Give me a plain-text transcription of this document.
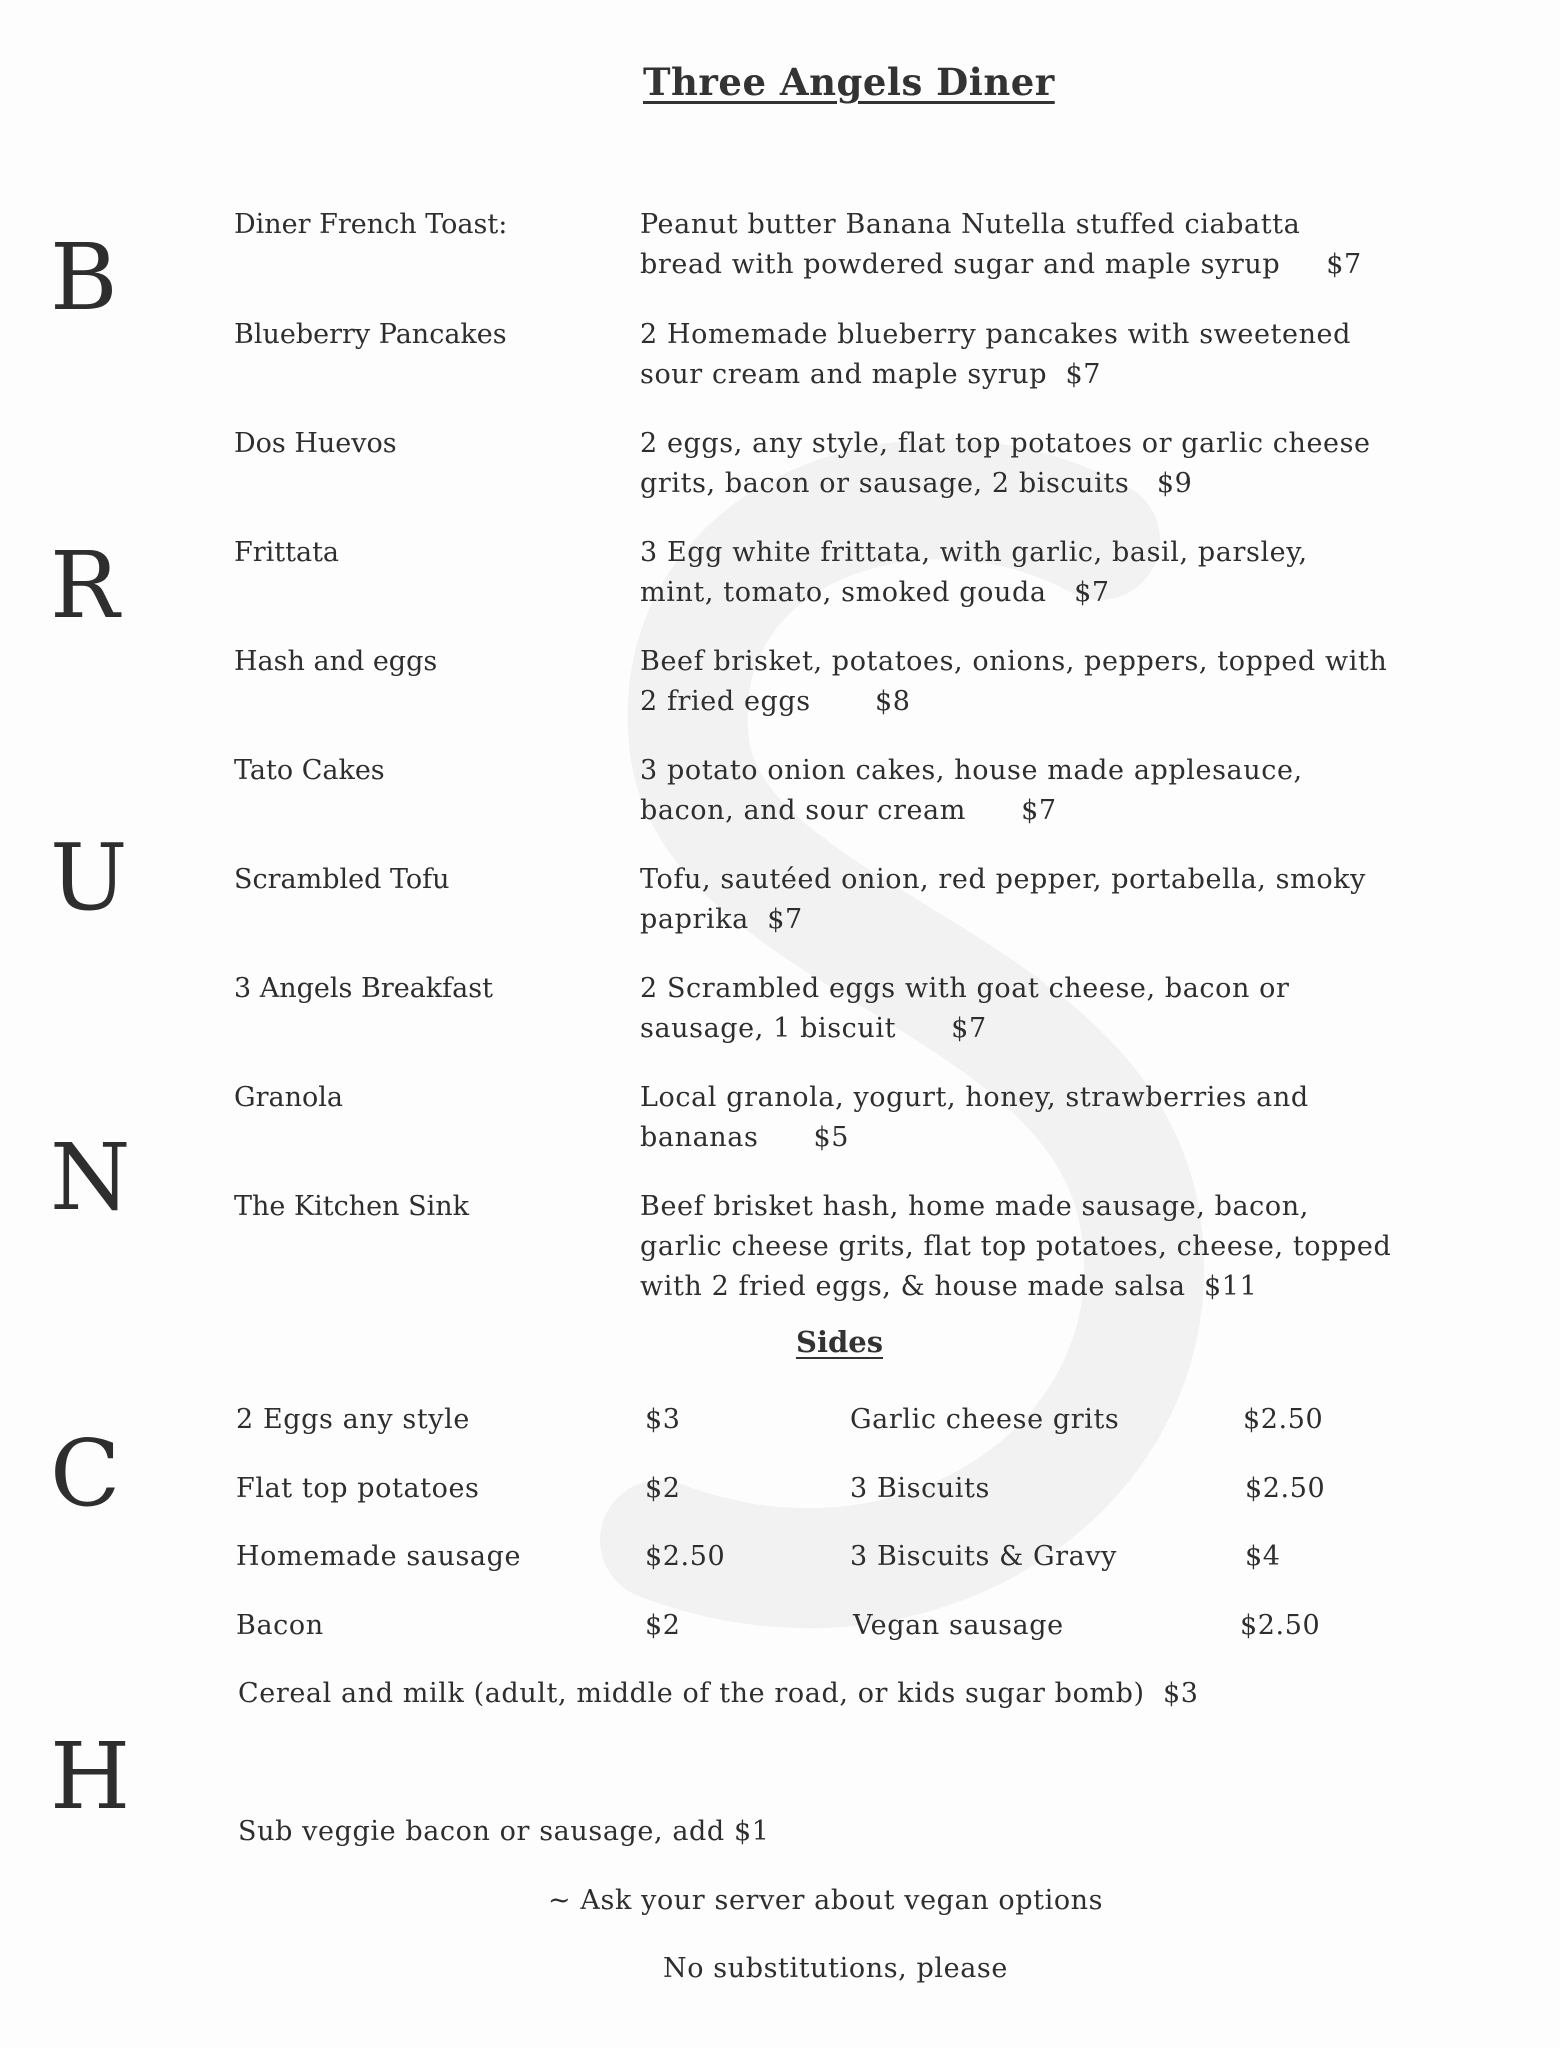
Three Angels Diner
B
R
U
N
C
H
Diner French Toast:	Peanut butter Banana Nutella stuffed ciabatta
bread with powdered sugar and maple syrup $7
Blueberry Pancakes	2 Homemade blueberry pancakes with sweetened
sour cream and maple syrup $7
Dos Huevos	2 eggs, any style, flat top potatoes or garlic cheese
grits, bacon or sausage, 2 biscuits $9
Frittata	3 Egg white frittata, with garlic, basil, parsley,
mint, tomato, smoked gouda $7
Hash and eggs	Beef brisket, potatoes, onions, peppers, topped with
2 fried eggs $8
Tato Cakes	3 potato onion cakes, house made applesauce,
bacon, and sour cream $7
Scrambled Tofu	Tofu, sautéed onion, red pepper, portabella, smoky
paprika $7
3 Angels Breakfast	2 Scrambled eggs with goat cheese, bacon or
sausage, 1 biscuit $7
Granola	Local granola, yogurt, honey, strawberries and
bananas $5
The Kitchen Sink	Beef brisket hash, home made sausage, bacon,
garlic cheese grits, flat top potatoes, cheese, topped
with 2 fried eggs, & house made salsa $11
Sides
2 Eggs any style	$3	Garlic cheese grits	$2.50
Flat top potatoes	$2	3 Biscuits	$2.50
Homemade sausage	$2.50	3 Biscuits & Gravy	$4
Bacon	$2	Vegan sausage	$2.50
Cereal and milk (adult, middle of the road, or kids sugar bomb) $3
Sub veggie bacon or sausage, add $1
~ Ask your server about vegan options
No substitutions, please
